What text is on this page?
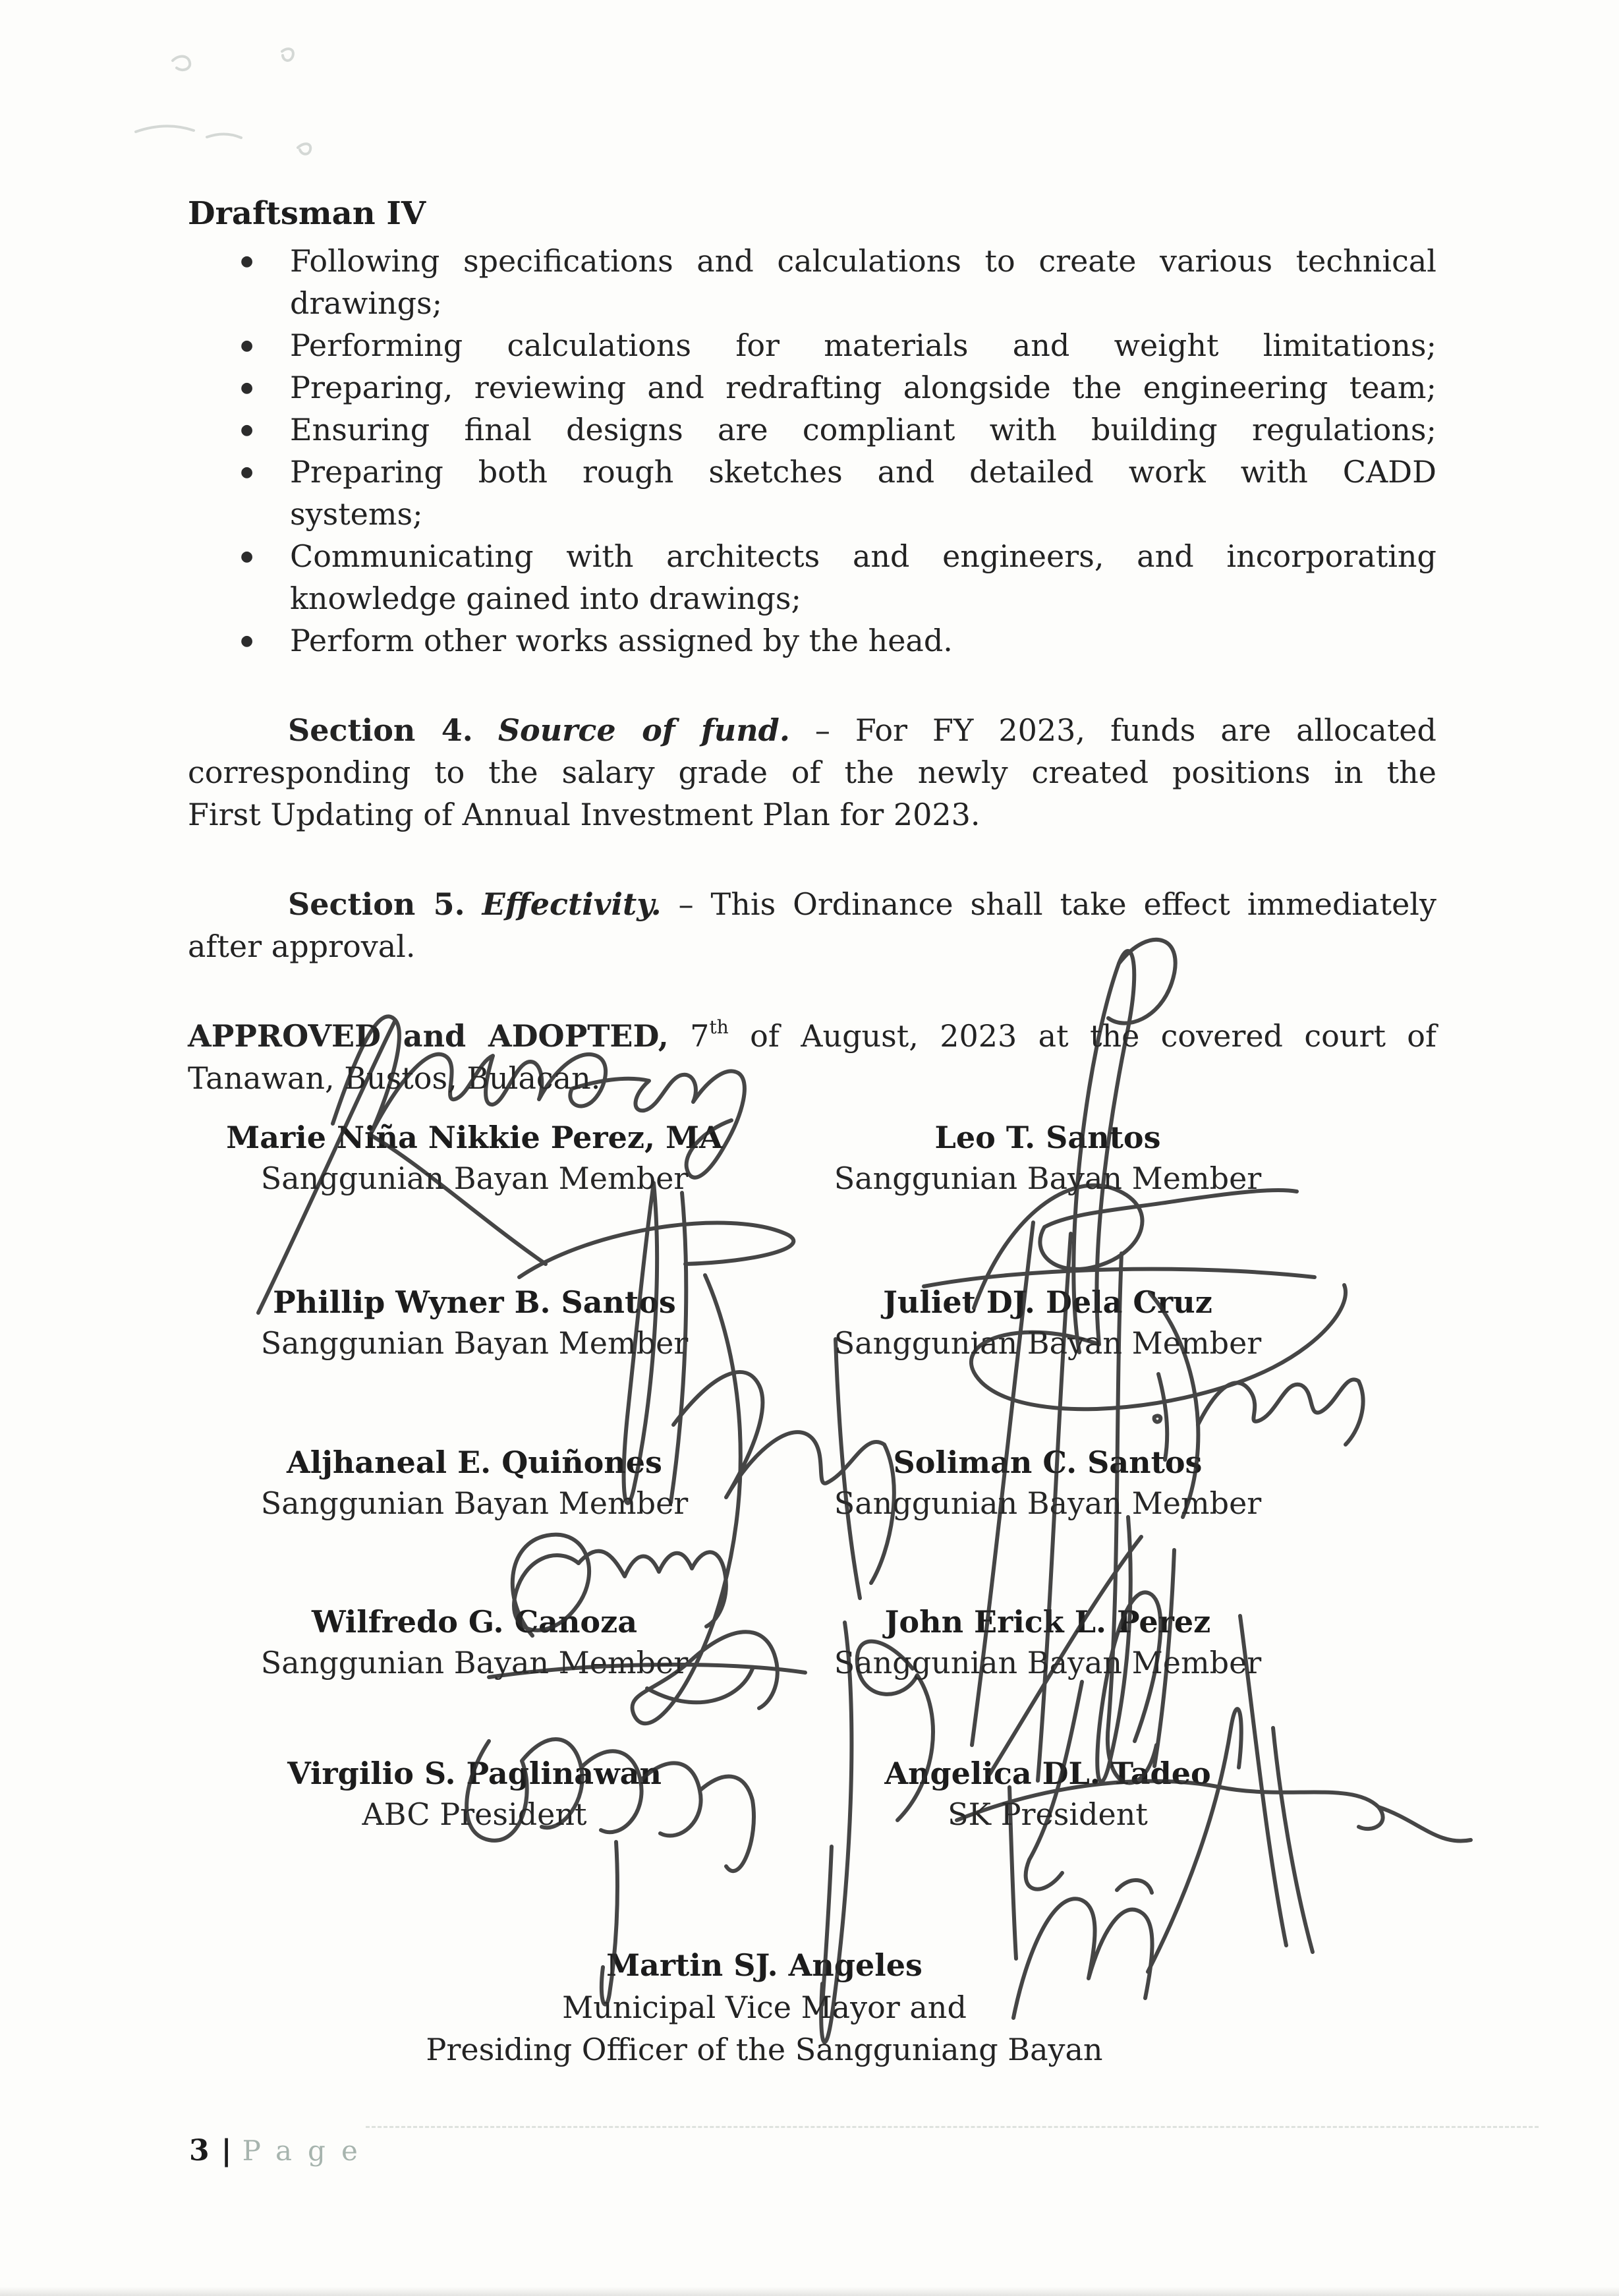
Draftsman IV
● Following specifications and calculations to create various technical
drawings;
● Performing calculations for materials and weight limitations;
● Preparing, reviewing and redrafting alongside the engineering team;
● Ensuring final designs are compliant with building regulations;
● Preparing both rough sketches and detailed work with CADD
systems;
● Communicating with architects and engineers, and incorporating
knowledge gained into drawings;
● Perform other works assigned by the head.

Section 4. Source of fund. – For FY 2023, funds are allocated
corresponding to the salary grade of the newly created positions in the
First Updating of Annual Investment Plan for 2023.

Section 5. Effectivity. – This Ordinance shall take effect immediately
after approval.

APPROVED and ADOPTED, 7th of August, 2023 at the covered court of
Tanawan, Bustos, Bulacan.

Marie Niña Nikkie Perez, MA
Sanggunian Bayan Member
Leo T. Santos
Sanggunian Bayan Member
Phillip Wyner B. Santos
Sanggunian Bayan Member
Juliet DJ. Dela Cruz
Sanggunian Bayan Member
Aljhaneal E. Quiñones
Sanggunian Bayan Member
Soliman C. Santos
Sanggunian Bayan Member
Wilfredo G. Canoza
Sanggunian Bayan Member
John Erick L. Perez
Sanggunian Bayan Member
Virgilio S. Paglinawan
ABC President
Angelica DL. Tadeo
SK President
Martin SJ. Angeles
Municipal Vice Mayor and
Presiding Officer of the Sangguniang Bayan
3 | Page
